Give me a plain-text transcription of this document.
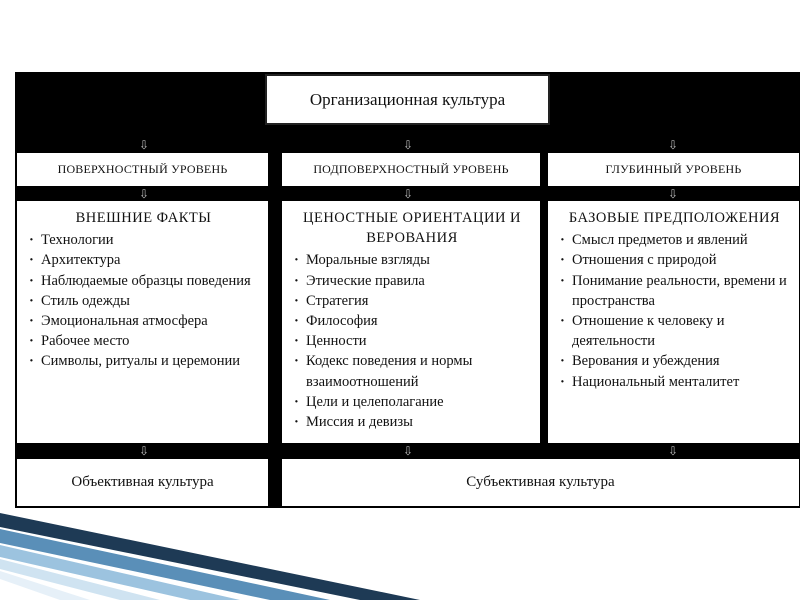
Организационная культура
⇩	⇩	⇩
ПОВЕРХНОСТНЫЙ УРОВЕНЬ	ПОДПОВЕРХНОСТНЫЙ УРОВЕНЬ	ГЛУБИННЫЙ УРОВЕНЬ
⇩	⇩	⇩
ВНЕШНИЕ ФАКТЫ
· Технологии
· Архитектура
· Наблюдаемые образцы поведения
· Стиль одежды
· Эмоциональная атмосфера
· Рабочее место
· Символы, ритуалы и церемонии
ЦЕНОСТНЫЕ ОРИЕНТАЦИИ И ВЕРОВАНИЯ
· Моральные взгляды
· Этические правила
· Стратегия
· Философия
· Ценности
· Кодекс поведения и нормы взаимоотношений
· Цели и целеполагание
· Миссия и девизы
БАЗОВЫЕ ПРЕДПОЛОЖЕНИЯ
· Смысл предметов и явлений
· Отношения с природой
· Понимание реальности, времени и пространства
· Отношение к человеку и деятельности
· Верования и убеждения
· Национальный менталитет
⇩	⇩	⇩
Объективная культура	Субъективная культура
